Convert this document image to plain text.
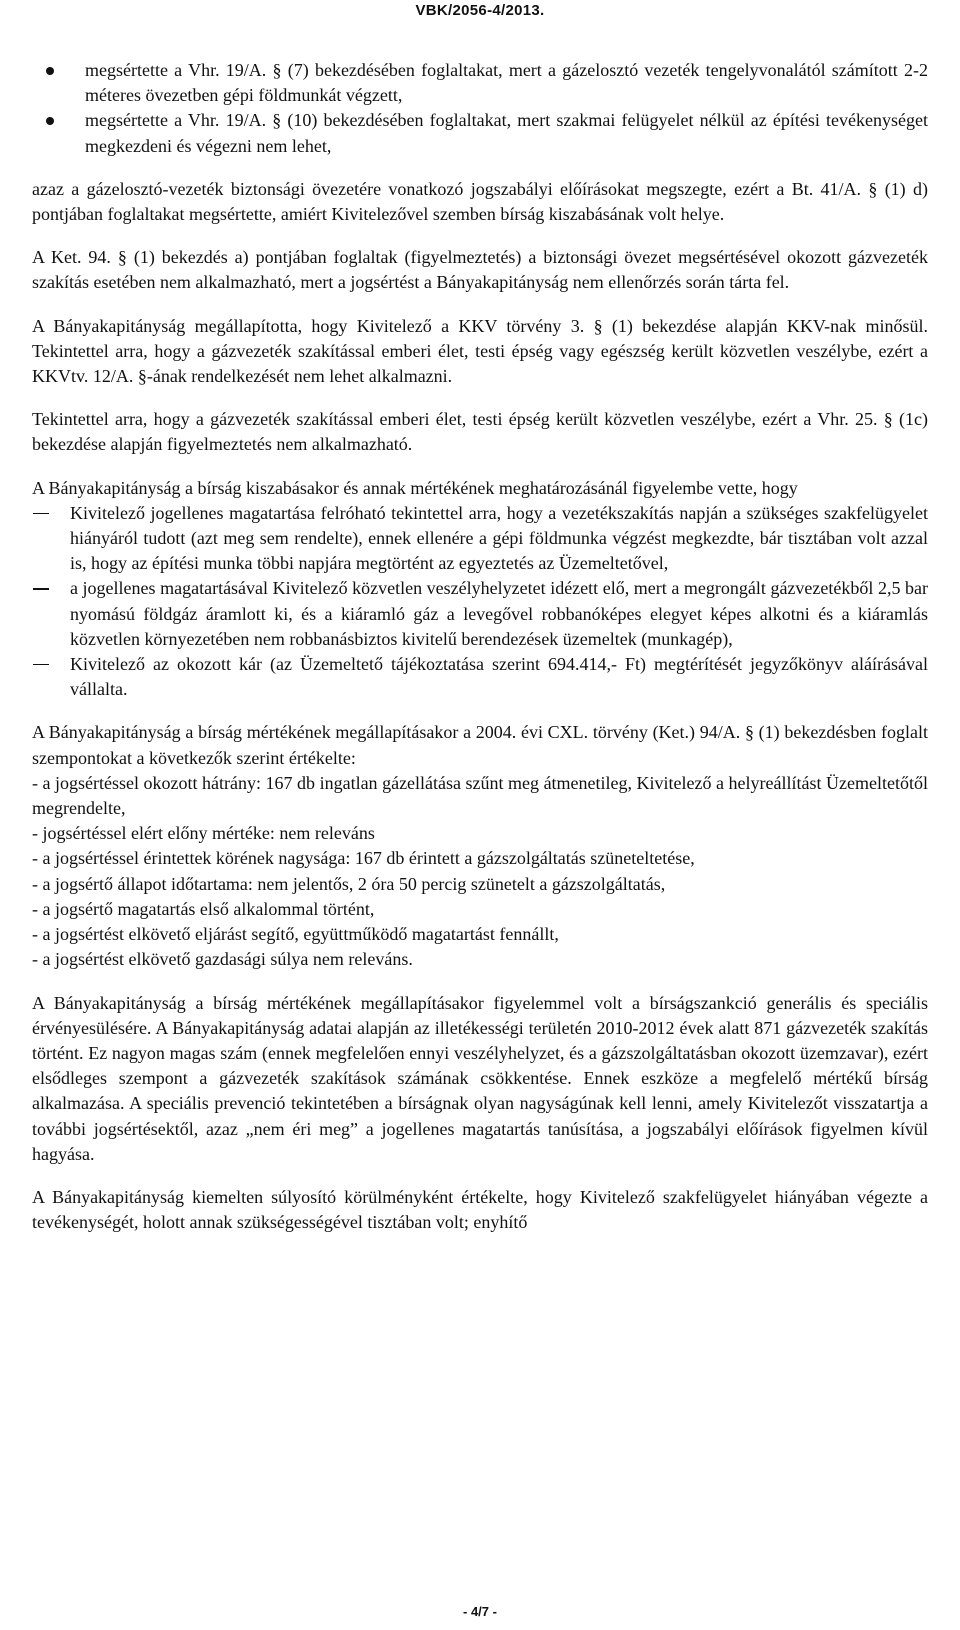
VBK/2056-4/2013.
megsértette a Vhr. 19/A. § (7) bekezdésében foglaltakat, mert a gázelosztó vezeték tengelyvonalától számított 2-2 méteres övezetben gépi földmunkát végzett,
megsértette a Vhr. 19/A. § (10) bekezdésében foglaltakat, mert szakmai felügyelet nélkül az építési tevékenységet megkezdeni és végezni nem lehet,

azaz a gázelosztó-vezeték biztonsági övezetére vonatkozó jogszabályi előírásokat megszegte, ezért a Bt. 41/A. § (1) d) pontjában foglaltakat megsértette, amiért Kivitelezővel szemben bírság kiszabásának volt helye.

A Ket. 94. § (1) bekezdés a) pontjában foglaltak (figyelmeztetés) a biztonsági övezet megsértésével okozott gázvezeték szakítás esetében nem alkalmazható, mert a jogsértést a Bányakapitányság nem ellenőrzés során tárta fel.

A Bányakapitányság megállapította, hogy Kivitelező a KKV törvény 3. § (1) bekezdése alapján KKV-nak minősül. Tekintettel arra, hogy a gázvezeték szakítással emberi élet, testi épség vagy egészség került közvetlen veszélybe, ezért a KKVtv. 12/A. §-ának rendelkezését nem lehet alkalmazni.

Tekintettel arra, hogy a gázvezeték szakítással emberi élet, testi épség került közvetlen veszélybe, ezért a Vhr. 25. § (1c) bekezdése alapján figyelmeztetés nem alkalmazható.

A Bányakapitányság a bírság kiszabásakor és annak mértékének meghatározásánál figyelembe vette, hogy

Kivitelező jogellenes magatartása felróható tekintettel arra, hogy a vezetékszakítás napján a szükséges szakfelügyelet hiányáról tudott (azt meg sem rendelte), ennek ellenére a gépi földmunka végzést megkezdte, bár tisztában volt azzal is, hogy az építési munka többi napjára megtörtént az egyeztetés az Üzemeltetővel,
a jogellenes magatartásával Kivitelező közvetlen veszélyhelyzetet idézett elő, mert a megrongált gázvezetékből 2,5 bar nyomású földgáz áramlott ki, és a kiáramló gáz a levegővel robbanóképes elegyet képes alkotni és a kiáramlás közvetlen környezetében nem robbanásbiztos kivitelű berendezések üzemeltek (munkagép),
Kivitelező az okozott kár (az Üzemeltető tájékoztatása szerint 694.414,- Ft) megtérítését jegyzőkönyv aláírásával vállalta.

A Bányakapitányság a bírság mértékének megállapításakor a 2004. évi CXL. törvény (Ket.) 94/A. § (1) bekezdésben foglalt szempontokat a következők szerint értékelte:

- a jogsértéssel okozott hátrány: 167 db ingatlan gázellátása szűnt meg átmenetileg, Kivitelező a helyreállítást Üzemeltetőtől megrendelte,
- jogsértéssel elért előny mértéke: nem releváns
- a jogsértéssel érintettek körének nagysága: 167 db érintett a gázszolgáltatás szüneteltetése,
- a jogsértő állapot időtartama: nem jelentős, 2 óra 50 percig szünetelt a gázszolgáltatás,
- a jogsértő magatartás első alkalommal történt,
- a jogsértést elkövető eljárást segítő, együttműködő magatartást fennállt,
- a jogsértést elkövető gazdasági súlya nem releváns.

A Bányakapitányság a bírság mértékének megállapításakor figyelemmel volt a bírságszankció generális és speciális érvényesülésére. A Bányakapitányság adatai alapján az illetékességi területén 2010-2012 évek alatt 871 gázvezeték szakítás történt. Ez nagyon magas szám (ennek megfelelően ennyi veszélyhelyzet, és a gázszolgáltatásban okozott üzemzavar), ezért elsődleges szempont a gázvezeték szakítások számának csökkentése. Ennek eszköze a megfelelő mértékű bírság alkalmazása. A speciális prevenció tekintetében a bírságnak olyan nagyságúnak kell lenni, amely Kivitelezőt visszatartja a további jogsértésektől, azaz „nem éri meg” a jogellenes magatartás tanúsítása, a jogszabályi előírások figyelmen kívül hagyása.

A Bányakapitányság kiemelten súlyosító körülményként értékelte, hogy Kivitelező szakfelügyelet hiányában végezte a tevékenységét, holott annak szükségességével tisztában volt; enyhítő

- 4/7 -
